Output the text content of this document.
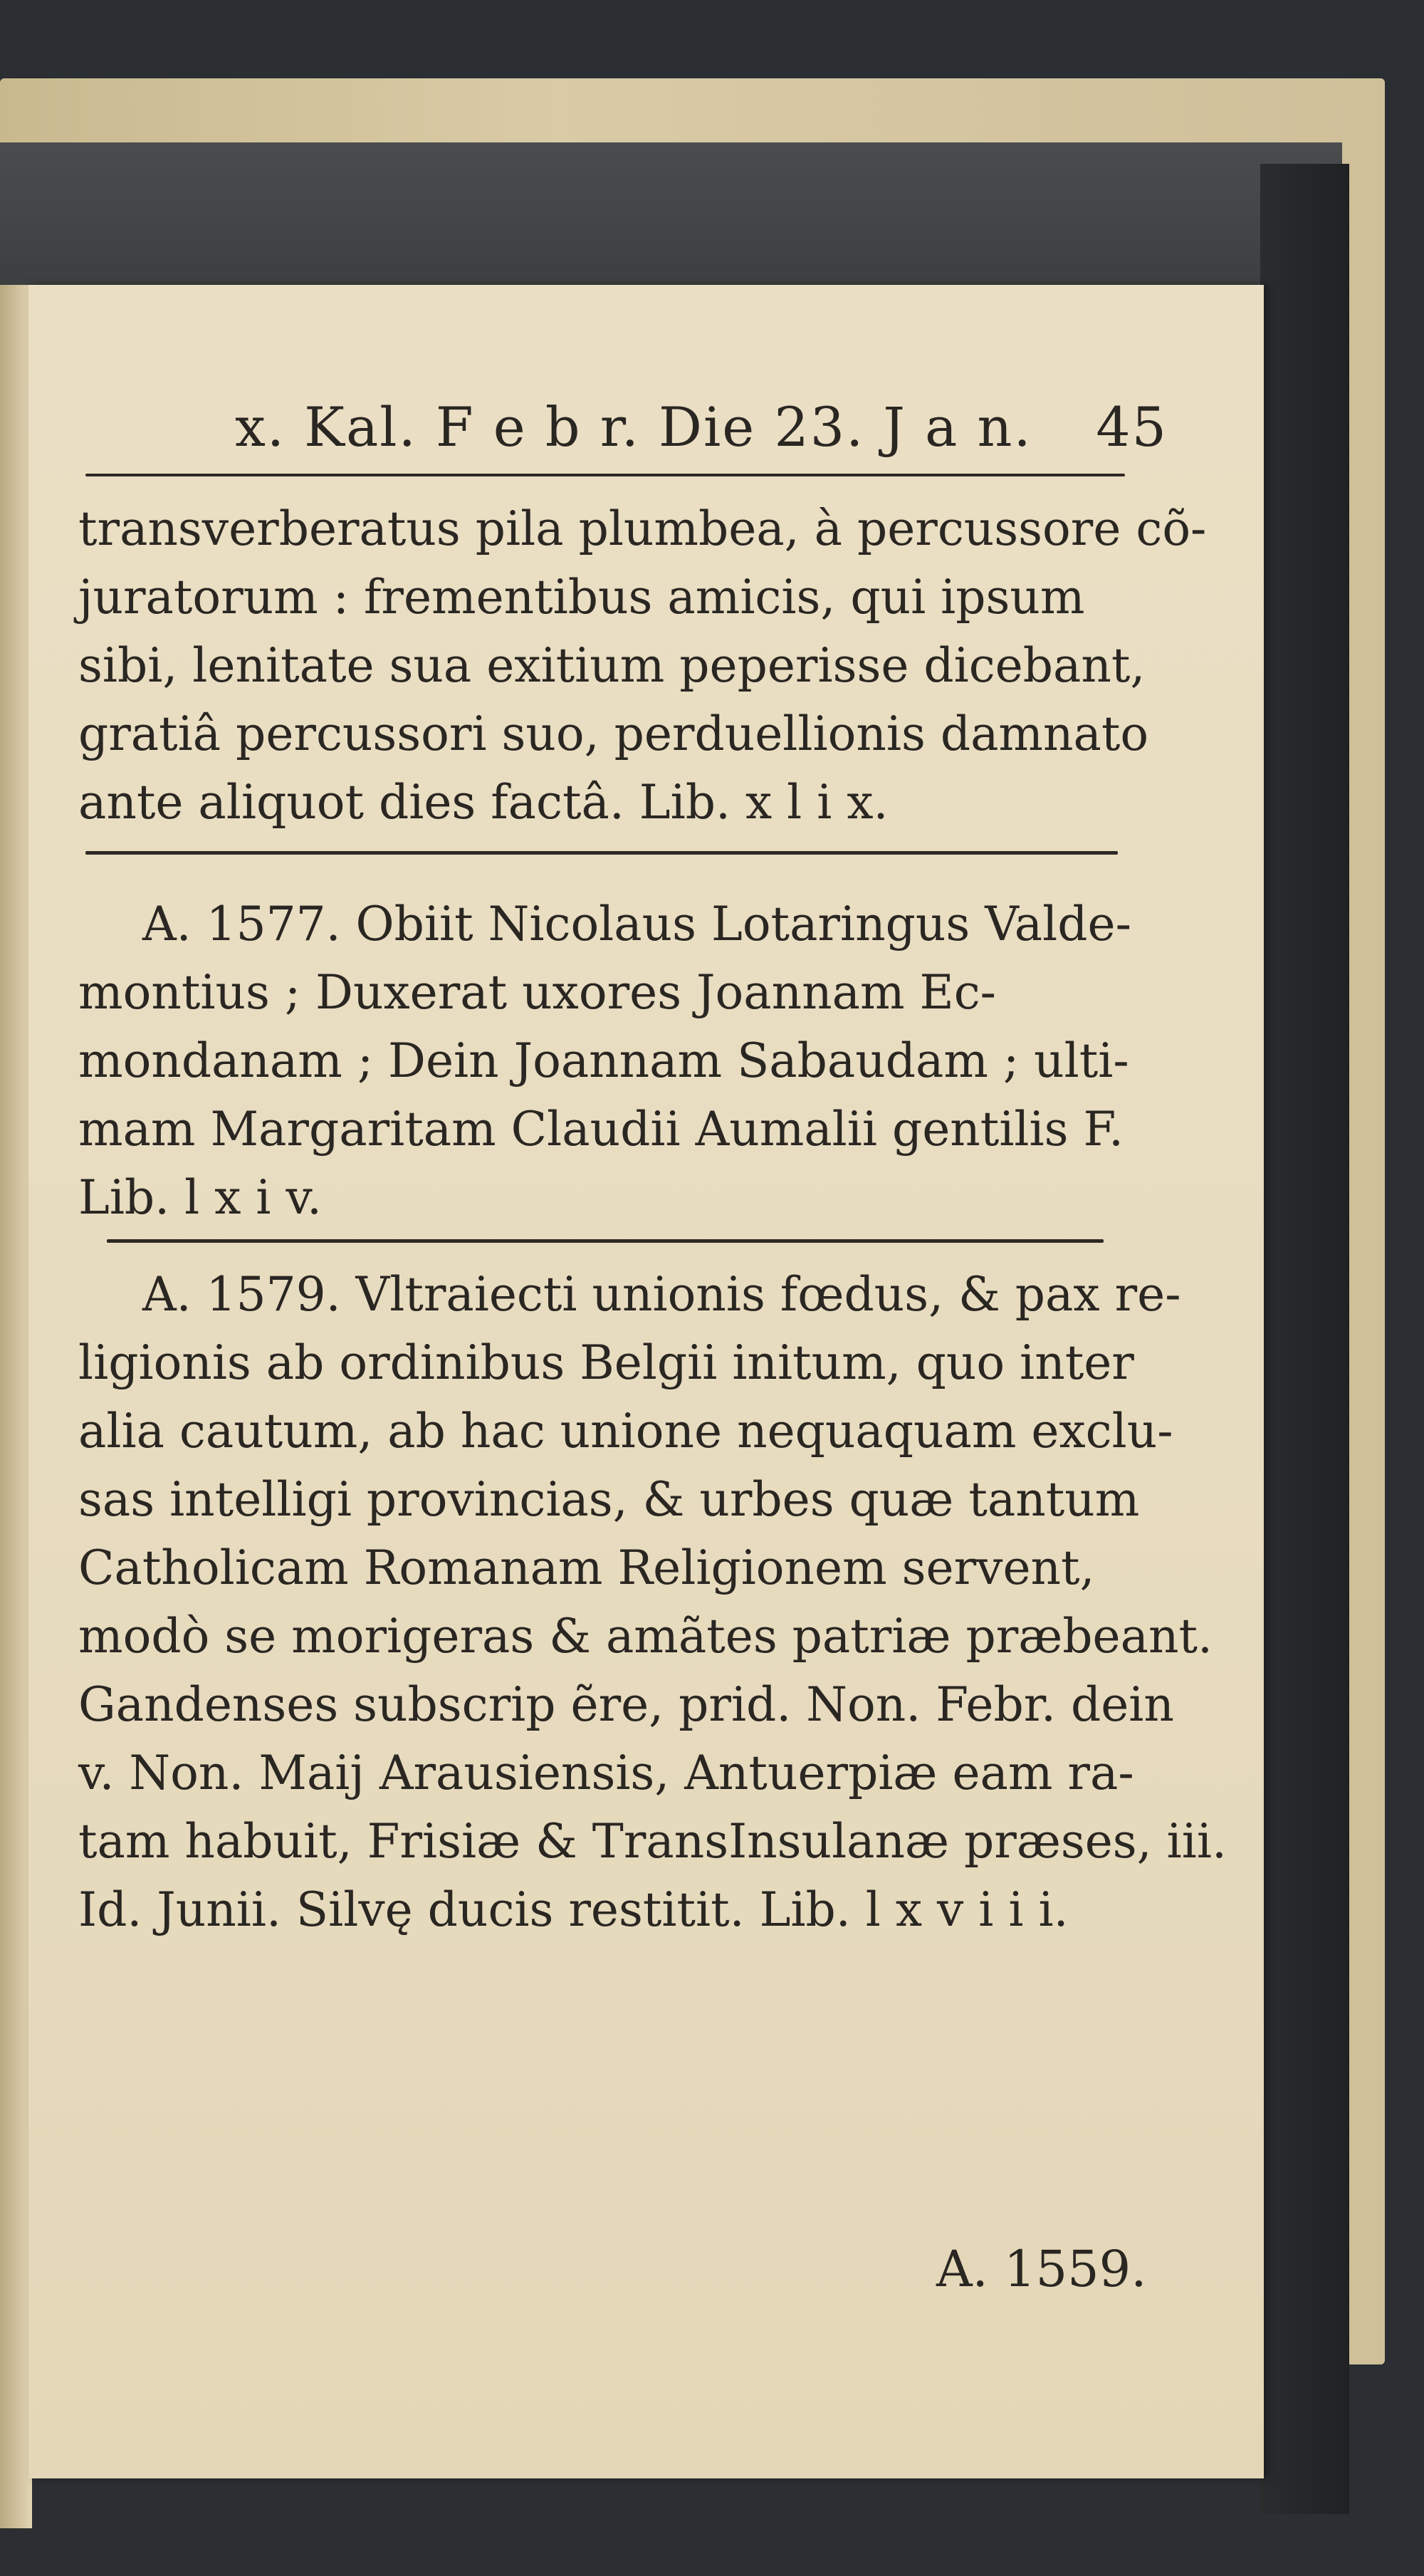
x. Kal. F e b r. Die 23. J a n. 45
transverberatus pila plumbea, à percussore cõ-
juratorum : frementibus amicis, qui ipsum
sibi, lenitate sua exitium peperisse dicebant,
gratiâ percussori suo, perduellionis damnato
ante aliquot dies factâ. Lib. x l i x.
A. 1577. Obiit Nicolaus Lotaringus Valde-
montius ; Duxerat uxores Joannam Ec-
mondanam ; Dein Joannam Sabaudam ; ulti-
mam Margaritam Claudii Aumalii gentilis F.
Lib. l x i v.
A. 1579. Vltraiecti unionis fœdus, & pax re-
ligionis ab ordinibus Belgii initum, quo inter
alia cautum, ab hac unione nequaquam exclu-
sas intelligi provincias, & urbes quæ tantum
Catholicam Romanam Religionem servent,
modò se morigeras & amãtes patriæ præbeant.
Gandenses subscrip ẽre, prid. Non. Febr. dein
v. Non. Maij Arausiensis, Antuerpiæ eam ra-
tam habuit, Frisiæ & TransInsulanæ præses, iii.
Id. Junii. Silvę ducis restitit. Lib. l x v i i i.
A. 1559.
